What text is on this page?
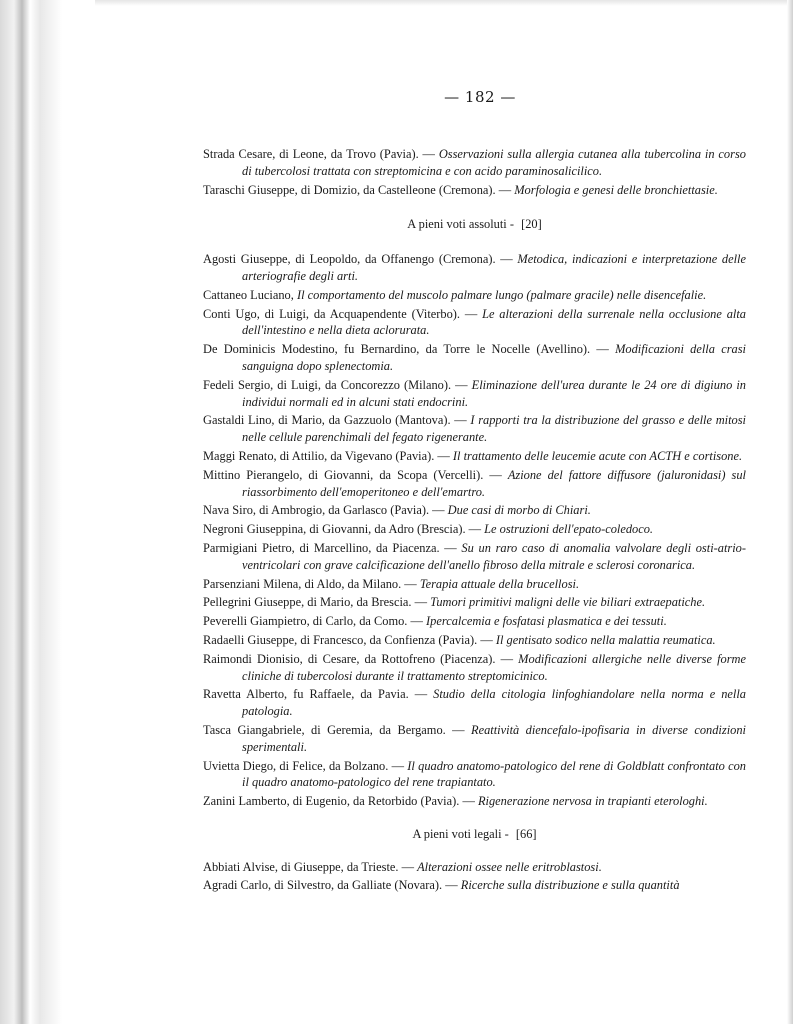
— 182 —

Strada Cesare, di Leone, da Trovo (Pavia). — Osservazioni sulla allergia cutanea alla tubercolina in corso di tubercolosi trattata con streptomicina e con acido paraminosalicilico.

Taraschi Giuseppe, di Domizio, da Castelleone (Cremona). — Morfologia e genesi delle bronchiettasie.

A pieni voti assoluti - [20]

Agosti Giuseppe, di Leopoldo, da Offanengo (Cremona). — Metodica, indicazioni e interpretazione delle arteriografie degli arti.

Cattaneo Luciano, Il comportamento del muscolo palmare lungo (palmare gracile) nelle disencefalie.

Conti Ugo, di Luigi, da Acquapendente (Viterbo). — Le alterazioni della surrenale nella occlusione alta dell'intestino e nella dieta aclorurata.

De Dominicis Modestino, fu Bernardino, da Torre le Nocelle (Avellino). — Modificazioni della crasi sanguigna dopo splenectomia.

Fedeli Sergio, di Luigi, da Concorezzo (Milano). — Eliminazione dell'urea durante le 24 ore di digiuno in individui normali ed in alcuni stati endocrini.

Gastaldi Lino, di Mario, da Gazzuolo (Mantova). — I rapporti tra la distribuzione del grasso e delle mitosi nelle cellule parenchimali del fegato rigenerante.

Maggi Renato, di Attilio, da Vigevano (Pavia). — Il trattamento delle leucemie acute con ACTH e cortisone.

Mittino Pierangelo, di Giovanni, da Scopa (Vercelli). — Azione del fattore diffusore (jaluronidasi) sul riassorbimento dell'emoperitoneo e dell'emartro.

Nava Siro, di Ambrogio, da Garlasco (Pavia). — Due casi di morbo di Chiari.

Negroni Giuseppina, di Giovanni, da Adro (Brescia). — Le ostruzioni dell'epato-coledoco.

Parmigiani Pietro, di Marcellino, da Piacenza. — Su un raro caso di anomalia valvolare degli osti-atrio-ventricolari con grave calcificazione dell'anello fibroso della mitrale e sclerosi coronarica.

Parsenziani Milena, di Aldo, da Milano. — Terapia attuale della brucellosi.

Pellegrini Giuseppe, di Mario, da Brescia. — Tumori primitivi maligni delle vie biliari extraepatiche.

Peverelli Giampietro, di Carlo, da Como. — Ipercalcemia e fosfatasi plasmatica e dei tessuti.

Radaelli Giuseppe, di Francesco, da Confienza (Pavia). — Il gentisato sodico nella malattia reumatica.

Raimondi Dionisio, di Cesare, da Rottofreno (Piacenza). — Modificazioni allergiche nelle diverse forme cliniche di tubercolosi durante il trattamento streptomicinico.

Ravetta Alberto, fu Raffaele, da Pavia. — Studio della citologia linfoghiandolare nella norma e nella patologia.

Tasca Giangabriele, di Geremia, da Bergamo. — Reattività diencefalo-ipofisaria in diverse condizioni sperimentali.

Uvietta Diego, di Felice, da Bolzano. — Il quadro anatomo-patologico del rene di Goldblatt confrontato con il quadro anatomo-patologico del rene trapiantato.

Zanini Lamberto, di Eugenio, da Retorbido (Pavia). — Rigenerazione nervosa in trapianti eterologhi.

A pieni voti legali - [66]

Abbiati Alvise, di Giuseppe, da Trieste. — Alterazioni ossee nelle eritroblastosi.

Agradi Carlo, di Silvestro, da Galliate (Novara). — Ricerche sulla distribuzione e sulla quantità
